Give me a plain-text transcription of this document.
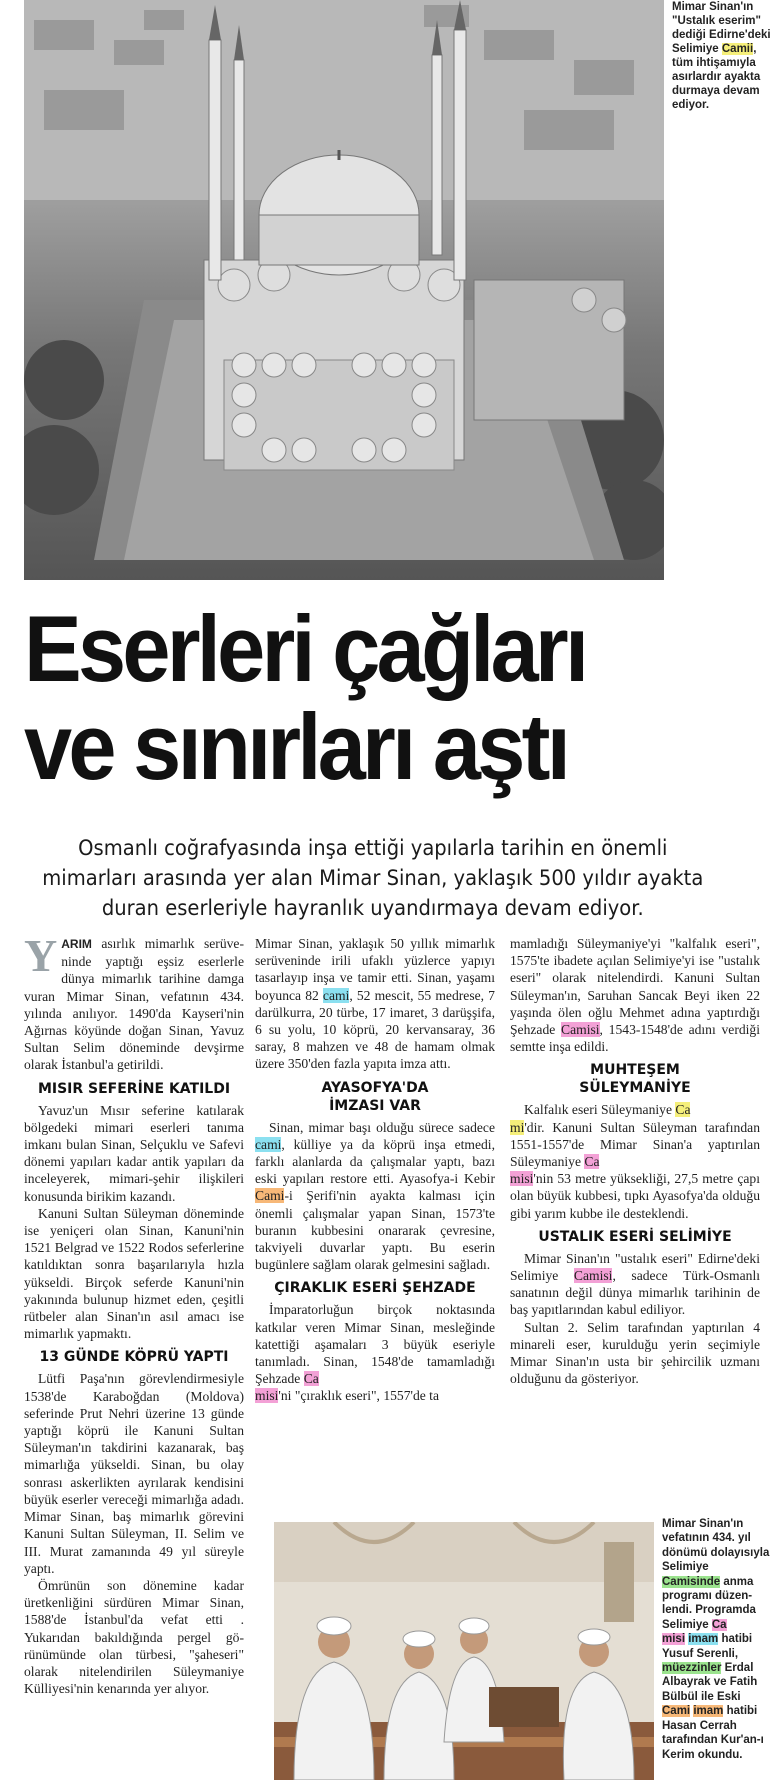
Mimar Sinan'ın "Ustalık eserim" dediği Edirne'deki Selimiye Camii, tüm ihtişamıyla asırlardır ayakta durmaya devam ediyor.
Eserleri çağları
ve sınırları aştı
Osmanlı coğrafyasında inşa ettiği yapılarla tarihin en önemli mimarları arasında yer alan Mimar Sinan, yaklaşık 500 yıldır ayakta duran eserleriyle hayranlık uyandırmaya devam ediyor.

YARIM asırlık mimarlık serüveninde yaptığı eşsiz eserlerle dünya mimarlık tarihine damga vuran Mimar Sinan, vefatının 434. yılında anılıyor. 1490'da Kayseri'nin Ağırnas köyünde doğan Sinan, Yavuz Sultan Selim döneminde devşirme olarak İstanbul'a getirildi.

MISIR SEFERİNE KATILDI

Yavuz'un Mısır seferine katılarak bölgedeki mimari eserleri tanıma imkanı bulan Sinan, Selçuklu ve Safevi dönemi yapıları kadar antik yapıları da inceleyerek, mimari-şehir ilişkileri konusunda birikim kazandı.

Kanuni Sultan Süleyman döneminde ise yeniçeri olan Sinan, Kanuni'nin 1521 Belgrad ve 1522 Rodos seferlerine katıldıktan sonra başarılarıyla hızla yükseldi. Birçok seferde Kanuni'nin yakınında bulunup hizmet eden, çeşitli rütbeler alan Sinan'ın asıl amacı ise mimarlık yapmaktı.

13 GÜNDE KÖPRÜ YAPTI

Lütfi Paşa'nın görevlendirmesiyle 1538'de Karaboğdan (Moldova) seferinde Prut Nehri üzerine 13 günde yaptığı köprü ile Kanuni Sultan Süleyman'ın takdirini kazanarak, baş mimarlığa yükseldi. Sinan, bu olay sonrası askerlikten ayrılarak kendisini büyük eserler vereceği mimarlığa adadı. Mimar Sinan, baş mimarlık görevini Kanuni Sultan Süleyman, II. Selim ve III. Murat zamanında 49 yıl süreyle yaptı.

Ömrünün son dönemine kadar üretkenliğini sürdüren Mimar Sinan, 1588'de İstanbul'da vefat etti . Yukarıdan bakıldığında pergel görünümünde olan türbesi, "şaheseri" olarak nitelendirilen Süleymaniye Külliyesi'nin kenarında yer alıyor.

Mimar Sinan, yaklaşık 50 yıllık mimarlık serüveninde irili ufaklı yüzlerce yapıyı tasarlayıp inşa ve tamir etti. Sinan, yaşamı boyunca 82 cami, 52 mescit, 55 medrese, 7 darülkurra, 20 türbe, 17 imaret, 3 darüşşifa, 6 su yolu, 10 köprü, 20 kervansaray, 36 saray, 8 mahzen ve 48 de hamam olmak üzere 350'den fazla yapıta imza attı.

AYASOFYA'DA
İMZASI VAR

Sinan, mimar başı olduğu sürece sadece cami, külliye ya da köprü inşa etmedi, farklı alanlarda da çalışmalar yaptı, bazı eski yapıları restore etti. Ayasofya-i Kebir Cami-i Şerifi'nin ayakta kalması için önemli çalışmalar yapan Sinan, 1573'te buranın kubbesini onararak çevresine, takviyeli duvarlar yaptı. Bu eserin bugünlere sağlam olarak gelmesini sağladı.

ÇIRAKLIK ESERİ ŞEHZADE

İmparatorluğun birçok noktasında katkılar veren Mimar Sinan, mesleğinde katettiği aşamaları 3 büyük eseriyle tanımladı. Sinan, 1548'de tamamladığı Şehzade Ca
misi'ni "çıraklık eseri", 1557'de ta

mamladığı Süleymaniye'yi "kalfalık eseri", 1575'te ibadete açılan Selimiye'yi ise "ustalık eseri" olarak nitelendirdi. Kanuni Sultan Süleyman'ın, Saruhan Sancak Beyi iken 22 yaşında ölen oğlu Mehmet adına yaptırdığı Şehzade Camisi, 1543-1548'de adını verdiği semtte inşa edildi.

MUHTEŞEM
SÜLEYMANİYE

Kalfalık eseri Süleymaniye Ca
mi'dir. Kanuni Sultan Süleyman tarafından 1551-1557'de Mimar Sinan'a yaptırılan Süleymaniye Ca
misi'nin 53 metre yüksekliği, 27,5 metre çapı olan büyük kubbesi, tıpkı Ayasofya'da olduğu gibi yarım kubbe ile desteklendi.

USTALIK ESERİ SELİMİYE

Mimar Sinan'ın "ustalık eseri" Edirne'deki Selimiye Camisi, sadece Türk-Osmanlı sanatının değil dünya mimarlık tarihinin de baş yapıtlarından kabul ediliyor.

Sultan 2. Selim tarafından yaptırılan 4 minareli eser, kurulduğu yerin seçimiyle Mimar Sinan'ın usta bir şehircilik uzmanı olduğunu da gösteriyor.

Mimar Sinan'ın vefatının 434. yıl dönümü dolayısıyla Selimiye Camisinde anma programı düzenlendi. Programda Selimiye Ca
misi imam hatibi Yusuf Serenli, müezzinler Erdal Albayrak ve Fatih Bülbül ile Eski Cami imam hatibi Hasan Cerrah tarafından Kur'an-ı Kerim okundu.
